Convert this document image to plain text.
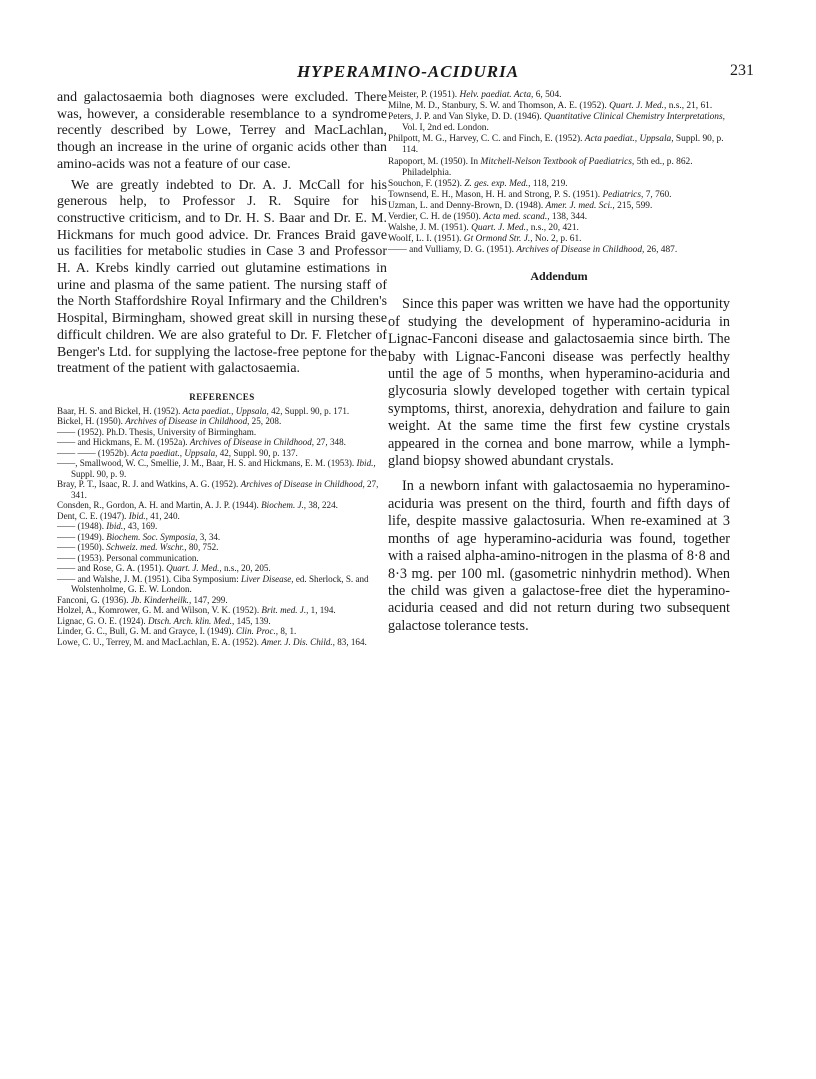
HYPERAMINO-ACIDURIA	231

and galactosaemia both diagnoses were excluded. There was, however, a considerable resemblance to a syndrome recently described by Lowe, Terrey and MacLachlan, though an increase in the urine of organic acids other than amino-acids was not a feature of our case.

We are greatly indebted to Dr. A. J. McCall for his generous help, to Professor J. R. Squire for his constructive criticism, and to Dr. H. S. Baar and Dr. E. M. Hickmans for much good advice. Dr. Frances Braid gave us facilities for metabolic studies in Case 3 and Professor H. A. Krebs kindly carried out glutamine estimations in urine and plasma of the same patient. The nursing staff of the North Staffordshire Royal Infirmary and the Children's Hospital, Birmingham, showed great skill in nursing these difficult children. We are also grateful to Dr. F. Fletcher of Benger's Ltd. for supplying the lactose-free peptone for the treatment of the patient with galactosaemia.

REFERENCES
Baar, H. S. and Bickel, H. (1952). Acta paediat., Uppsala, 42, Suppl. 90, p. 171.
Bickel, H. (1950). Archives of Disease in Childhood, 25, 208.
—— (1952). Ph.D. Thesis, University of Birmingham.
—— and Hickmans, E. M. (1952a). Archives of Disease in Childhood, 27, 348.
—— —— (1952b). Acta paediat., Uppsala, 42, Suppl. 90, p. 137.
——, Smallwood, W. C., Smellie, J. M., Baar, H. S. and Hickmans, E. M. (1953). Ibid., Suppl. 90, p. 9.
Bray, P. T., Isaac, R. J. and Watkins, A. G. (1952). Archives of Disease in Childhood, 27, 341.
Consden, R., Gordon, A. H. and Martin, A. J. P. (1944). Biochem. J., 38, 224.
Dent, C. E. (1947). Ibid., 41, 240.
—— (1948). Ibid., 43, 169.
—— (1949). Biochem. Soc. Symposia, 3, 34.
—— (1950). Schweiz. med. Wschr., 80, 752.
—— (1953). Personal communication.
—— and Rose, G. A. (1951). Quart. J. Med., n.s., 20, 205.
—— and Walshe, J. M. (1951). Ciba Symposium: Liver Disease, ed. Sherlock, S. and Wolstenholme, G. E. W. London.
Fanconi, G. (1936). Jb. Kinderheilk., 147, 299.
Holzel, A., Komrower, G. M. and Wilson, V. K. (1952). Brit. med. J., 1, 194.
Lignac, G. O. E. (1924). Dtsch. Arch. klin. Med., 145, 139.
Linder, G. C., Bull, G. M. and Grayce, I. (1949). Clin. Proc., 8, 1.
Lowe, C. U., Terrey, M. and MacLachlan, E. A. (1952). Amer. J. Dis. Child., 83, 164.
Meister, P. (1951). Helv. paediat. Acta, 6, 504.
Milne, M. D., Stanbury, S. W. and Thomson, A. E. (1952). Quart. J. Med., n.s., 21, 61.
Peters, J. P. and Van Slyke, D. D. (1946). Quantitative Clinical Chemistry Interpretations, Vol. I, 2nd ed. London.
Philpott, M. G., Harvey, C. C. and Finch, E. (1952). Acta paediat., Uppsala, Suppl. 90, p. 114.
Rapoport, M. (1950). In Mitchell-Nelson Textbook of Paediatrics, 5th ed., p. 862. Philadelphia.
Souchon, F. (1952). Z. ges. exp. Med., 118, 219.
Townsend, E. H., Mason, H. H. and Strong, P. S. (1951). Pediatrics, 7, 760.
Uzman, L. and Denny-Brown, D. (1948). Amer. J. med. Sci., 215, 599.
Verdier, C. H. de (1950). Acta med. scand., 138, 344.
Walshe, J. M. (1951). Quart. J. Med., n.s., 20, 421.
Woolf, L. I. (1951). Gt Ormond Str. J., No. 2, p. 61.
—— and Vulliamy, D. G. (1951). Archives of Disease in Childhood, 26, 487.
Addendum

Since this paper was written we have had the opportunity of studying the development of hyperamino-aciduria in Lignac-Fanconi disease and galactosaemia since birth. The baby with Lignac-Fanconi disease was perfectly healthy until the age of 5 months, when hyperamino-aciduria and glycosuria slowly developed together with certain typical symptoms, thirst, anorexia, dehydration and failure to gain weight. At the same time the first few cystine crystals appeared in the cornea and bone marrow, while a lymph-gland biopsy showed abundant crystals.

In a newborn infant with galactosaemia no hyperamino-aciduria was present on the third, fourth and fifth days of life, despite massive galactosuria. When re-examined at 3 months of age hyperamino-aciduria was found, together with a raised alpha-amino-nitrogen in the plasma of 8·8 and 8·3 mg. per 100 ml. (gasometric ninhydrin method). When the child was given a galactose-free diet the hyperamino-aciduria ceased and did not return during two subsequent galactose tolerance tests.
